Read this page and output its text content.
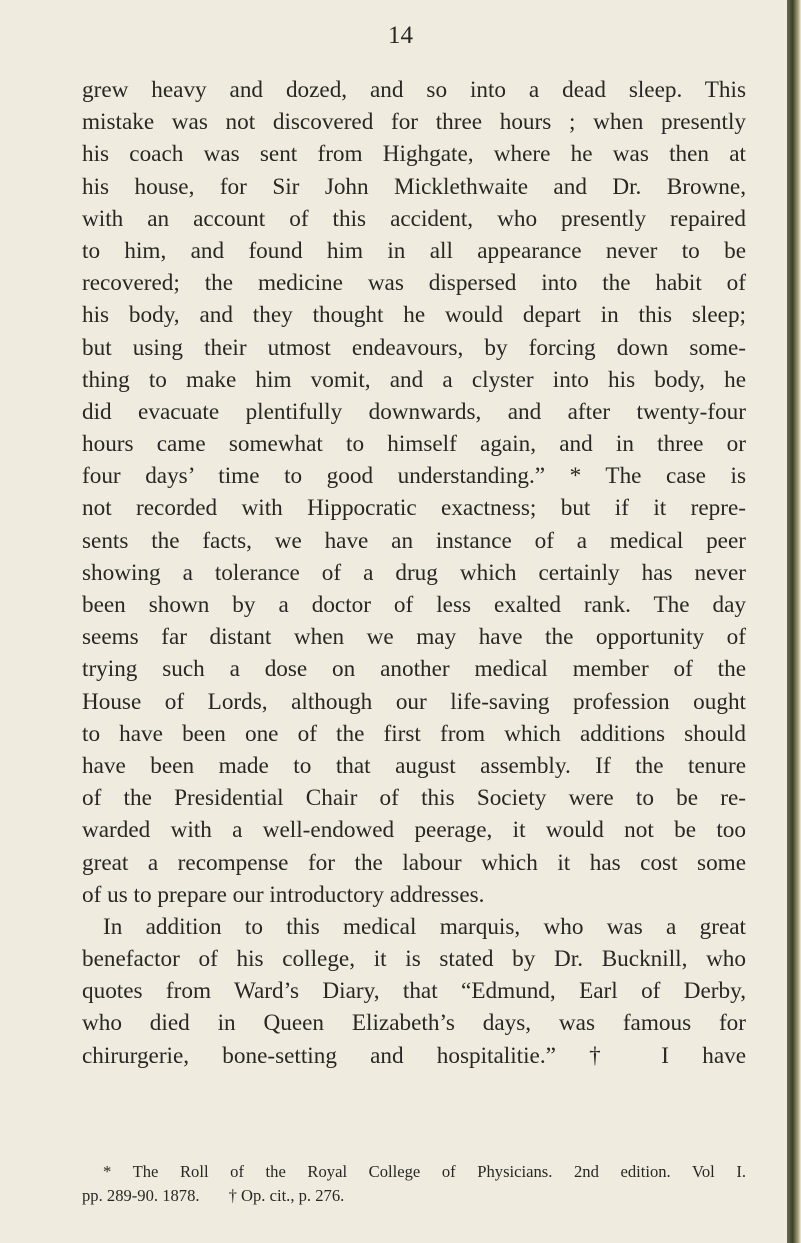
14
grew heavy and dozed, and so into a dead sleep. This
mistake was not discovered for three hours ; when presently
his coach was sent from Highgate, where he was then at
his house, for Sir John Micklethwaite and Dr. Browne,
with an account of this accident, who presently repaired
to him, and found him in all appearance never to be
recovered; the medicine was dispersed into the habit of
his body, and they thought he would depart in this sleep;
but using their utmost endeavours, by forcing down some-
thing to make him vomit, and a clyster into his body, he
did evacuate plentifully downwards, and after twenty-four
hours came somewhat to himself again, and in three or
four days’ time to good understanding.” * The case is
not recorded with Hippocratic exactness; but if it repre-
sents the facts, we have an instance of a medical peer
showing a tolerance of a drug which certainly has never
been shown by a doctor of less exalted rank. The day
seems far distant when we may have the opportunity of
trying such a dose on another medical member of the
House of Lords, although our life-saving profession ought
to have been one of the first from which additions should
have been made to that august assembly. If the tenure
of the Presidential Chair of this Society were to be re-
warded with a well-endowed peerage, it would not be too
great a recompense for the labour which it has cost some
of us to prepare our introductory addresses.
In addition to this medical marquis, who was a great
benefactor of his college, it is stated by Dr. Bucknill, who
quotes from Ward’s Diary, that “Edmund, Earl of Derby,
who died in Queen Elizabeth’s days, was famous for
chirurgerie, bone-setting and hospitalitie.” † I have
* The Roll of the Royal College of Physicians. 2nd edition. Vol I.
pp. 289-90. 1878.       † Op. cit., p. 276.
